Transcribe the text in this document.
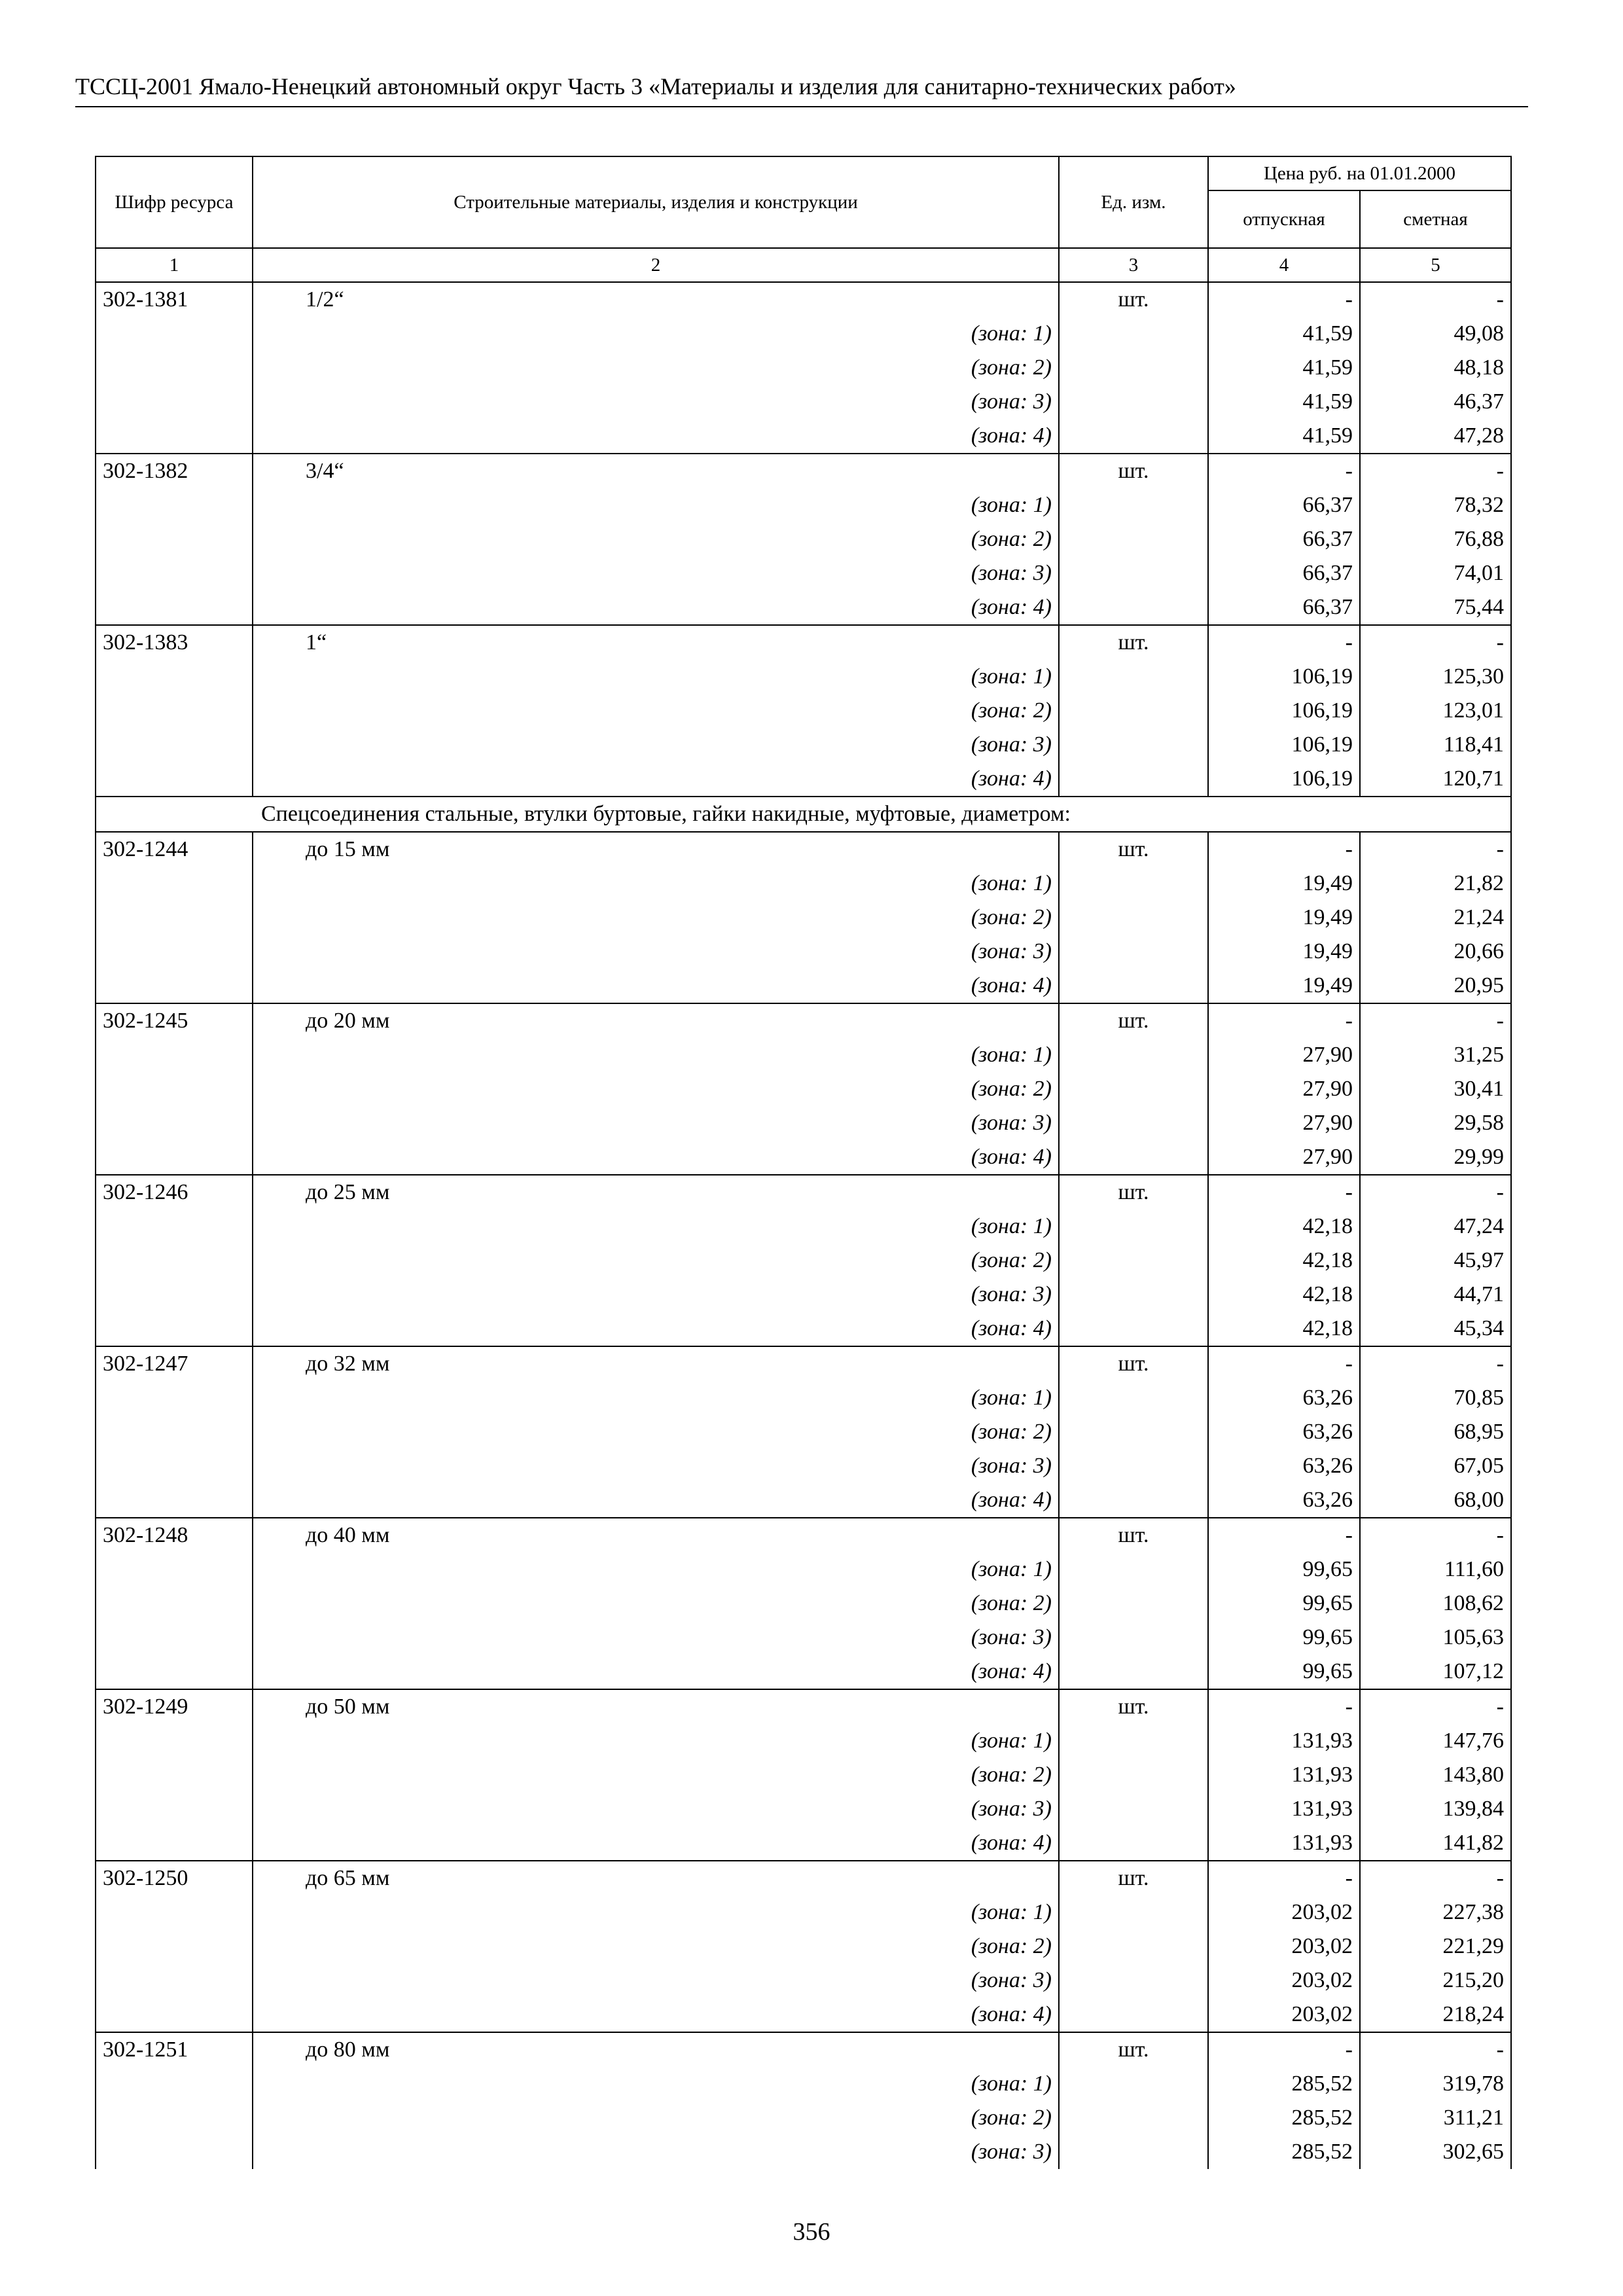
ТССЦ-2001 Ямало-Ненецкий автономный округ Часть 3 «Материалы и изделия для санитарно-технических работ»
Шифр ресурса	Строительные материалы, изделия и конструкции	Ед. изм.	Цена руб. на 01.01.2000	
			отпускная	сметная
1	2	3	4	5
302-1381	1/2“	шт.	-	-
	(зона: 1)		41,59	49,08
	(зона: 2)		41,59	48,18
	(зона: 3)		41,59	46,37
	(зона: 4)		41,59	47,28
302-1382	3/4“	шт.	-	-
	(зона: 1)		66,37	78,32
	(зона: 2)		66,37	76,88
	(зона: 3)		66,37	74,01
	(зона: 4)		66,37	75,44
302-1383	1“	шт.	-	-
	(зона: 1)		106,19	125,30
	(зона: 2)		106,19	123,01
	(зона: 3)		106,19	118,41
	(зона: 4)		106,19	120,71
Спецсоединения стальные, втулки буртовые, гайки накидные, муфтовые, диаметром:				
302-1244	до 15 мм	шт.	-	-
	(зона: 1)		19,49	21,82
	(зона: 2)		19,49	21,24
	(зона: 3)		19,49	20,66
	(зона: 4)		19,49	20,95
302-1245	до 20 мм	шт.	-	-
	(зона: 1)		27,90	31,25
	(зона: 2)		27,90	30,41
	(зона: 3)		27,90	29,58
	(зона: 4)		27,90	29,99
302-1246	до 25 мм	шт.	-	-
	(зона: 1)		42,18	47,24
	(зона: 2)		42,18	45,97
	(зона: 3)		42,18	44,71
	(зона: 4)		42,18	45,34
302-1247	до 32 мм	шт.	-	-
	(зона: 1)		63,26	70,85
	(зона: 2)		63,26	68,95
	(зона: 3)		63,26	67,05
	(зона: 4)		63,26	68,00
302-1248	до 40 мм	шт.	-	-
	(зона: 1)		99,65	111,60
	(зона: 2)		99,65	108,62
	(зона: 3)		99,65	105,63
	(зона: 4)		99,65	107,12
302-1249	до 50 мм	шт.	-	-
	(зона: 1)		131,93	147,76
	(зона: 2)		131,93	143,80
	(зона: 3)		131,93	139,84
	(зона: 4)		131,93	141,82
302-1250	до 65 мм	шт.	-	-
	(зона: 1)		203,02	227,38
	(зона: 2)		203,02	221,29
	(зона: 3)		203,02	215,20
	(зона: 4)		203,02	218,24
302-1251	до 80 мм	шт.	-	-
	(зона: 1)		285,52	319,78
	(зона: 2)		285,52	311,21
	(зона: 3)		285,52	302,65
356
